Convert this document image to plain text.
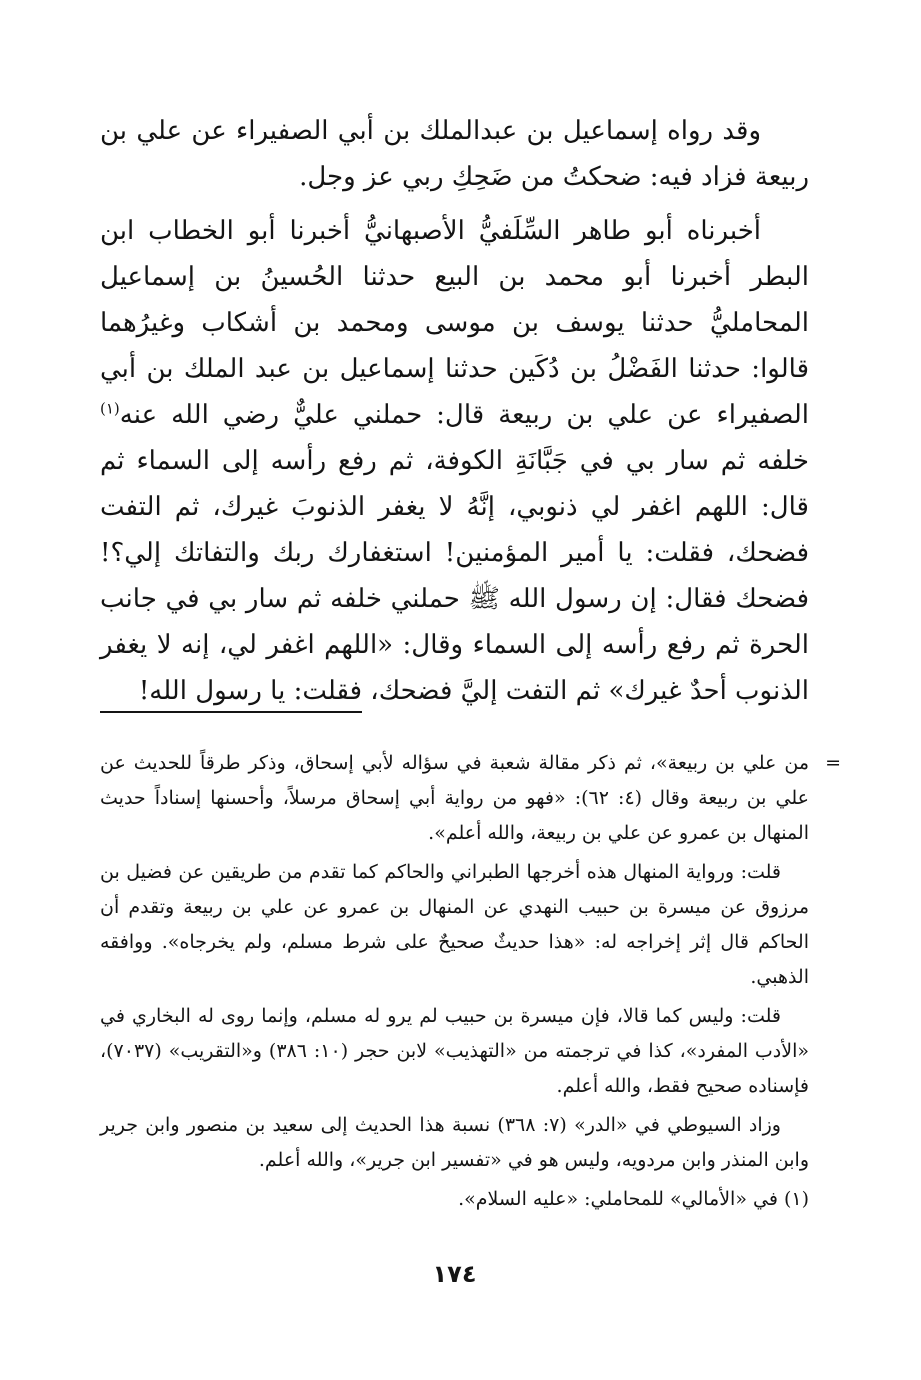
وقد رواه إسماعيل بن عبدالملك بن أبي الصفيراء عن علي بن ربيعة فزاد فيه: ضحكتُ من ضَحِكِ ربي عز وجل.

أخبرناه أبو طاهر السِّلَفيُّ الأصبهانيُّ أخبرنا أبو الخطاب ابن البطر أخبرنا أبو محمد بن البيع حدثنا الحُسينُ بن إسماعيل المحامليُّ حدثنا يوسف بن موسى ومحمد بن أشكاب وغيرُهما قالوا: حدثنا الفَضْلُ بن دُكَين حدثنا إسماعيل بن عبد الملك بن أبي الصفيراء عن علي بن ربيعة قال: حملني عليٌّ رضي الله عنه$^{(١)}$ خلفه ثم سار بي في جَبَّانَةِ الكوفة، ثم رفع رأسه إلى السماء ثم قال: اللهم اغفر لي ذنوبي، إنَّهُ لا يغفر الذنوبَ غيرك، ثم التفت فضحك، فقلت: يا أمير المؤمنين! استغفارك ربك والتفاتك إلي؟! فضحك فقال: إن رسول الله ﷺ حملني خلفه ثم سار بي في جانب الحرة ثم رفع رأسه إلى السماء وقال: «اللهم اغفر لي، إنه لا يغفر الذنوب أحدٌ غيرك» ثم التفت إليَّ فضحك، فقلت: يا رسول الله!

=

من علي بن ربيعة»، ثم ذكر مقالة شعبة في سؤاله لأبي إسحاق، وذكر طرقاً للحديث عن علي بن ربيعة وقال (٤: ٦٢): «فهو من رواية أبي إسحاق مرسلاً، وأحسنها إسناداً حديث المنهال بن عمرو عن علي بن ربيعة، والله أعلم».

قلت: ورواية المنهال هذه أخرجها الطبراني والحاكم كما تقدم من طريقين عن فضيل بن مرزوق عن ميسرة بن حبيب النهدي عن المنهال بن عمرو عن علي بن ربيعة وتقدم أن الحاكم قال إثر إخراجه له: «هذا حديثٌ صحيحٌ على شرط مسلم، ولم يخرجاه». ووافقه الذهبي.

قلت: وليس كما قالا، فإن ميسرة بن حبيب لم يرو له مسلم، وإنما روى له البخاري في «الأدب المفرد»، كذا في ترجمته من «التهذيب» لابن حجر (١٠: ٣٨٦) و«التقريب» (٧٠٣٧)، فإسناده صحيح فقط، والله أعلم.

وزاد السيوطي في «الدر» (٧: ٣٦٨) نسبة هذا الحديث إلى سعيد بن منصور وابن جرير وابن المنذر وابن مردويه، وليس هو في «تفسير ابن جرير»، والله أعلم.

(١) في «الأمالي» للمحاملي: «عليه السلام».

١٧٤
